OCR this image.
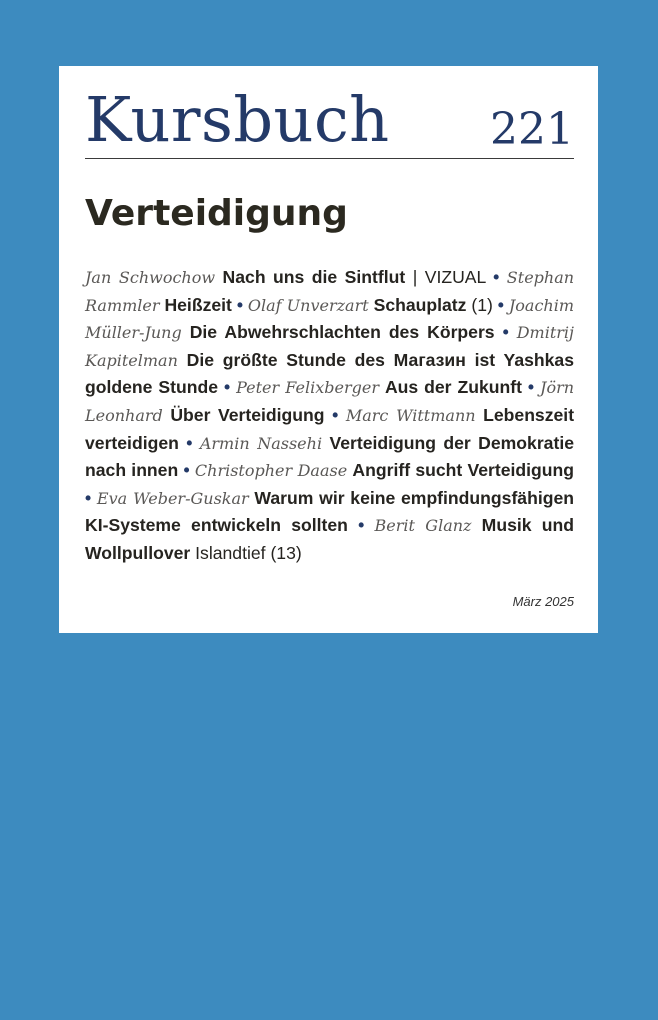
Kursbuch 221
Verteidigung
Jan Schwochow Nach uns die Sintflut | VIZUAL • Stephan Rammler Heißzeit • Olaf Unverzart Schauplatz (1) • Joachim Müller-Jung Die Abwehrschlachten des Körpers • Dmitrij Kapitelman Die größte Stunde des Магазин ist Yashkas goldene Stunde • Peter Felixberger Aus der Zukunft • Jörn Leonhard Über Verteidigung • Marc Wittmann Lebenszeit verteidigen • Armin Nassehi Verteidigung der Demokratie nach innen • Christopher Daase Angriff sucht Verteidigung • Eva Weber-Guskar Warum wir keine empfindungsfähigen KI-Systeme entwickeln sollten • Berit Glanz Musik und Wollpullover Islandtief (13)
März 2025
